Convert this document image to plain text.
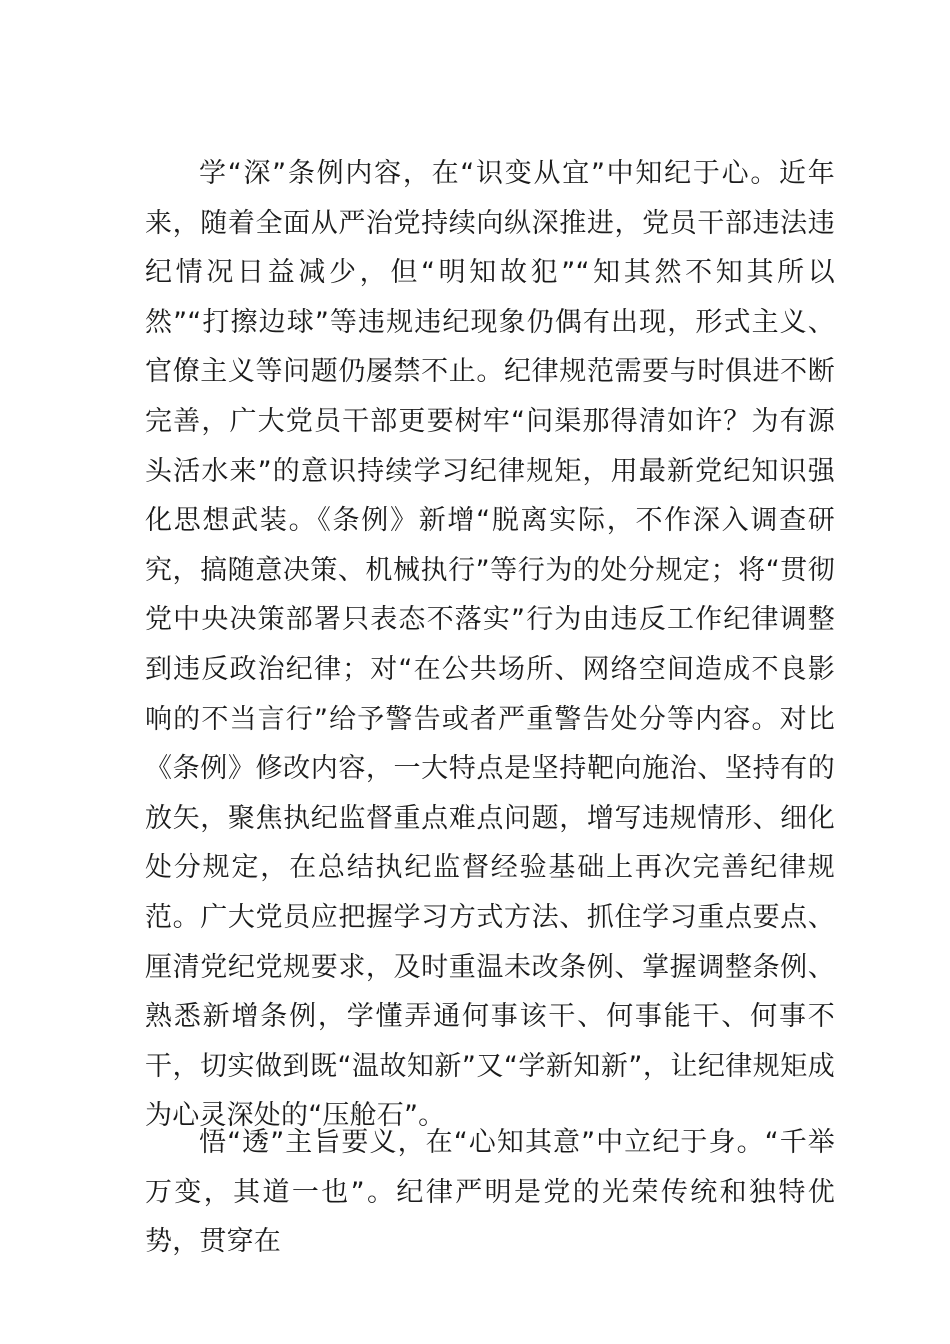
学“深”条例内容，在“识变从宜”中知纪于心。近年来，随着全面从严治党持续向纵深推进，党员干部违法违纪情况日益减少，但“明知故犯”“知其然不知其所以然”“打擦边球”等违规违纪现象仍偶有出现，形式主义、官僚主义等问题仍屡禁不止。纪律规范需要与时俱进不断完善，广大党员干部更要树牢“问渠那得清如许？为有源头活水来”的意识持续学习纪律规矩，用最新党纪知识强化思想武装。《条例》新增“脱离实际，不作深入调查研究，搞随意决策、机械执行”等行为的处分规定；将“贯彻党中央决策部署只表态不落实”行为由违反工作纪律调整到违反政治纪律；对“在公共场所、网络空间造成不良影响的不当言行”给予警告或者严重警告处分等内容。对比《条例》修改内容，一大特点是坚持靶向施治、坚持有的放矢，聚焦执纪监督重点难点问题，增写违规情形、细化处分规定，在总结执纪监督经验基础上再次完善纪律规范。广大党员应把握学习方式方法、抓住学习重点要点、厘清党纪党规要求，及时重温未改条例、掌握调整条例、熟悉新增条例，学懂弄通何事该干、何事能干、何事不干，切实做到既“温故知新”又“学新知新”，让纪律规矩成为心灵深处的“压舱石”。

悟“透”主旨要义，在“心知其意”中立纪于身。“千举万变，其道一也”。纪律严明是党的光荣传统和独特优势，贯穿在
